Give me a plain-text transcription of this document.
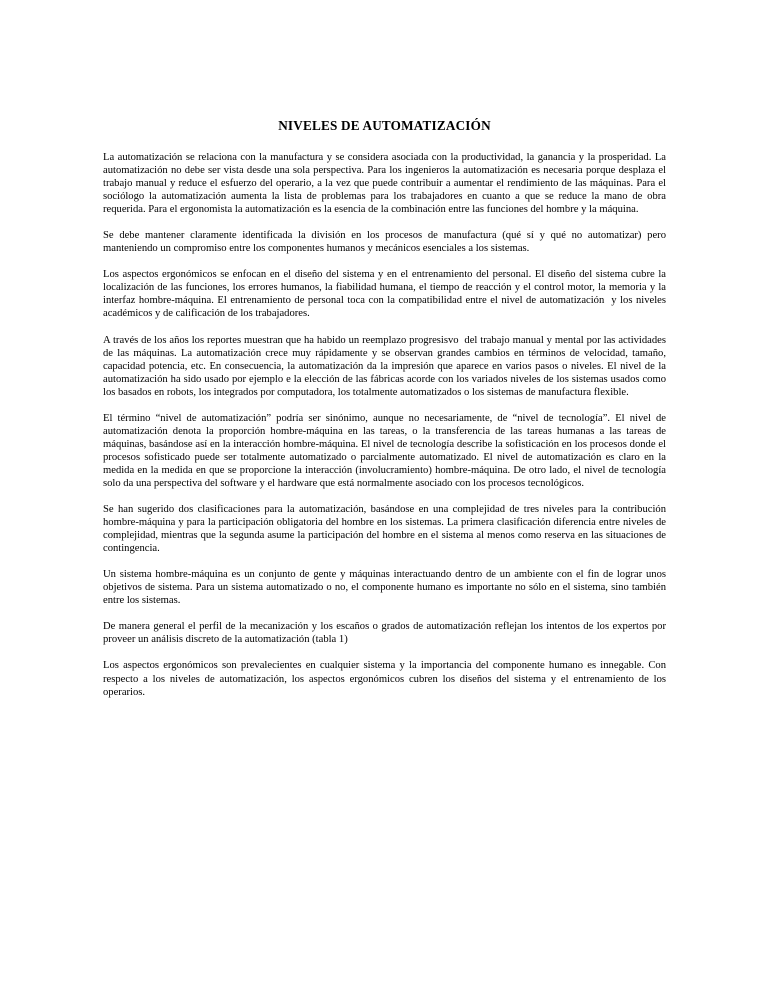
NIVELES DE AUTOMATIZACIÓN

La automatización se relaciona con la manufactura y se considera asociada con la productividad, la ganancia y la prosperidad. La automatización no debe ser vista desde una sola perspectiva. Para los ingenieros la automatización es necesaria porque desplaza el trabajo manual y reduce el esfuerzo del operario, a la vez que puede contribuir a aumentar el rendimiento de las máquinas. Para el sociólogo la automatización aumenta la lista de problemas para los trabajadores en cuanto a que se reduce la mano de obra requerida. Para el ergonomista la automatización es la esencia de la combinación entre las funciones del hombre y la máquina.

Se debe mantener claramente identificada la división en los procesos de manufactura (qué sí y qué no automatizar) pero manteniendo un compromiso entre los componentes humanos y mecánicos esenciales a los sistemas.

Los aspectos ergonómicos se enfocan en el diseño del sistema y en el entrenamiento del personal. El diseño del sistema cubre la localización de las funciones, los errores humanos, la fiabilidad humana, el tiempo de reacción y el control motor, la memoria y la interfaz hombre-máquina. El entrenamiento de personal toca con la compatibilidad entre el nivel de automatización  y los niveles académicos y de calificación de los trabajadores.

A través de los años los reportes muestran que ha habido un reemplazo progresisvo  del trabajo manual y mental por las actividades de las máquinas. La automatización crece muy rápidamente y se observan grandes cambios en términos de velocidad, tamaño, capacidad potencia, etc. En consecuencia, la automatización da la impresión que aparece en varios pasos o niveles. El nivel de la automatización ha sido usado por ejemplo e la elección de las fábricas acorde con los variados niveles de los sistemas usados como los basados en robots, los integrados por computadora, los totalmente automatizados o los sistemas de manufactura flexible.

El término “nivel de automatización” podría ser sinónimo, aunque no necesariamente, de “nivel de tecnología”. El nivel de automatización denota la proporción hombre-máquina en las tareas, o la transferencia de las tareas humanas a las tareas de máquinas, basándose así en la interacción hombre-máquina. El nivel de tecnología describe la sofisticación en los procesos donde el procesos sofisticado puede ser totalmente automatizado o parcialmente automatizado. El nivel de automatización es claro en la medida en la medida en que se proporcione la interacción (involucramiento) hombre-máquina. De otro lado, el nivel de tecnología solo da una perspectiva del software y el hardware que está normalmente asociado con los procesos tecnológicos.

Se han sugerido dos clasificaciones para la automatización, basándose en una complejidad de tres niveles para la contribución hombre-máquina y para la participación obligatoria del hombre en los sistemas. La primera clasificación diferencia entre niveles de complejidad, mientras que la segunda asume la participación del hombre en el sistema al menos como reserva en las situaciones de contingencia.

Un sistema hombre-máquina es un conjunto de gente y máquinas interactuando dentro de un ambiente con el fin de lograr unos objetivos de sistema. Para un sistema automatizado o no, el componente humano es importante no sólo en el sistema, sino también entre los sistemas.

De manera general el perfil de la mecanización y los escaños o grados de automatización reflejan los intentos de los expertos por proveer un análisis discreto de la automatización (tabla 1)

Los aspectos ergonómicos son prevalecientes en cualquier sistema y la importancia del componente humano es innegable. Con respecto a los niveles de automatización, los aspectos ergonómicos cubren los diseños del sistema y el entrenamiento de los operarios.
